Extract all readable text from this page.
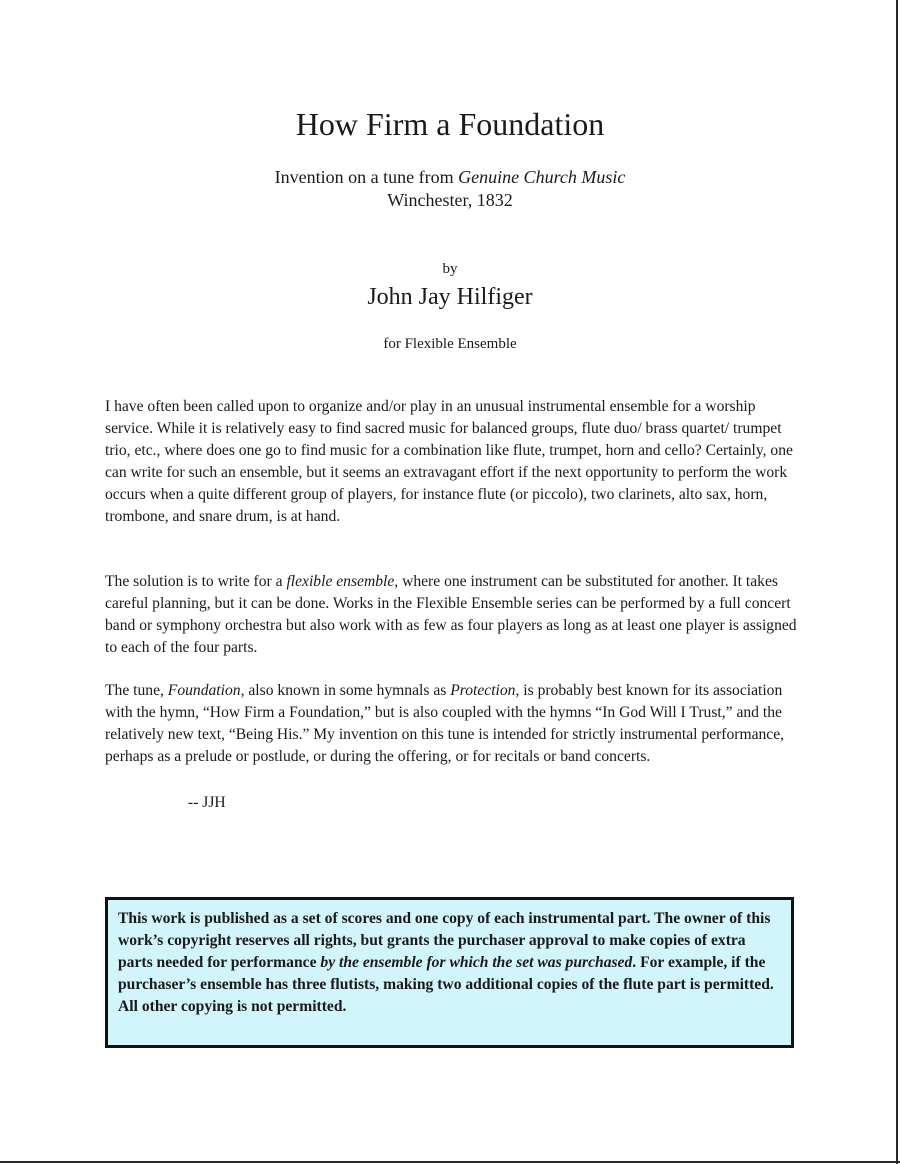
How Firm a Foundation
Invention on a tune from Genuine Church Music
Winchester, 1832
by
John Jay Hilfiger
for Flexible Ensemble

I have often been called upon to organize and/or play in an unusual instrumental ensemble for a worship service. While it is relatively easy to find sacred music for balanced groups, flute duo/ brass quartet/ trumpet trio, etc., where does one go to find music for a combination like flute, trumpet, horn and cello? Certainly, one can write for such an ensemble, but it seems an extravagant effort if the next opportunity to perform the work occurs when a quite different group of players, for instance flute (or piccolo), two clarinets, alto sax, horn, trombone, and snare drum, is at hand.

The solution is to write for a flexible ensemble, where one instrument can be substituted for another. It takes careful planning, but it can be done. Works in the Flexible Ensemble series can be performed by a full concert band or symphony orchestra but also work with as few as four players as long as at least one player is assigned to each of the four parts.

The tune, Foundation, also known in some hymnals as Protection, is probably best known for its association with the hymn, “How Firm a Foundation,” but is also coupled with the hymns “In God Will I Trust,” and the relatively new text, “Being His.” My invention on this tune is intended for strictly instrumental performance, perhaps as a prelude or postlude, or during the offering, or for recitals or band concerts.

-- JJH

This work is published as a set of scores and one copy of each instrumental part. The owner of this work’s copyright reserves all rights, but grants the purchaser approval to make copies of extra parts needed for performance by the ensemble for which the set was purchased. For example, if the purchaser’s ensemble has three flutists, making two additional copies of the flute part is permitted. All other copying is not permitted.
